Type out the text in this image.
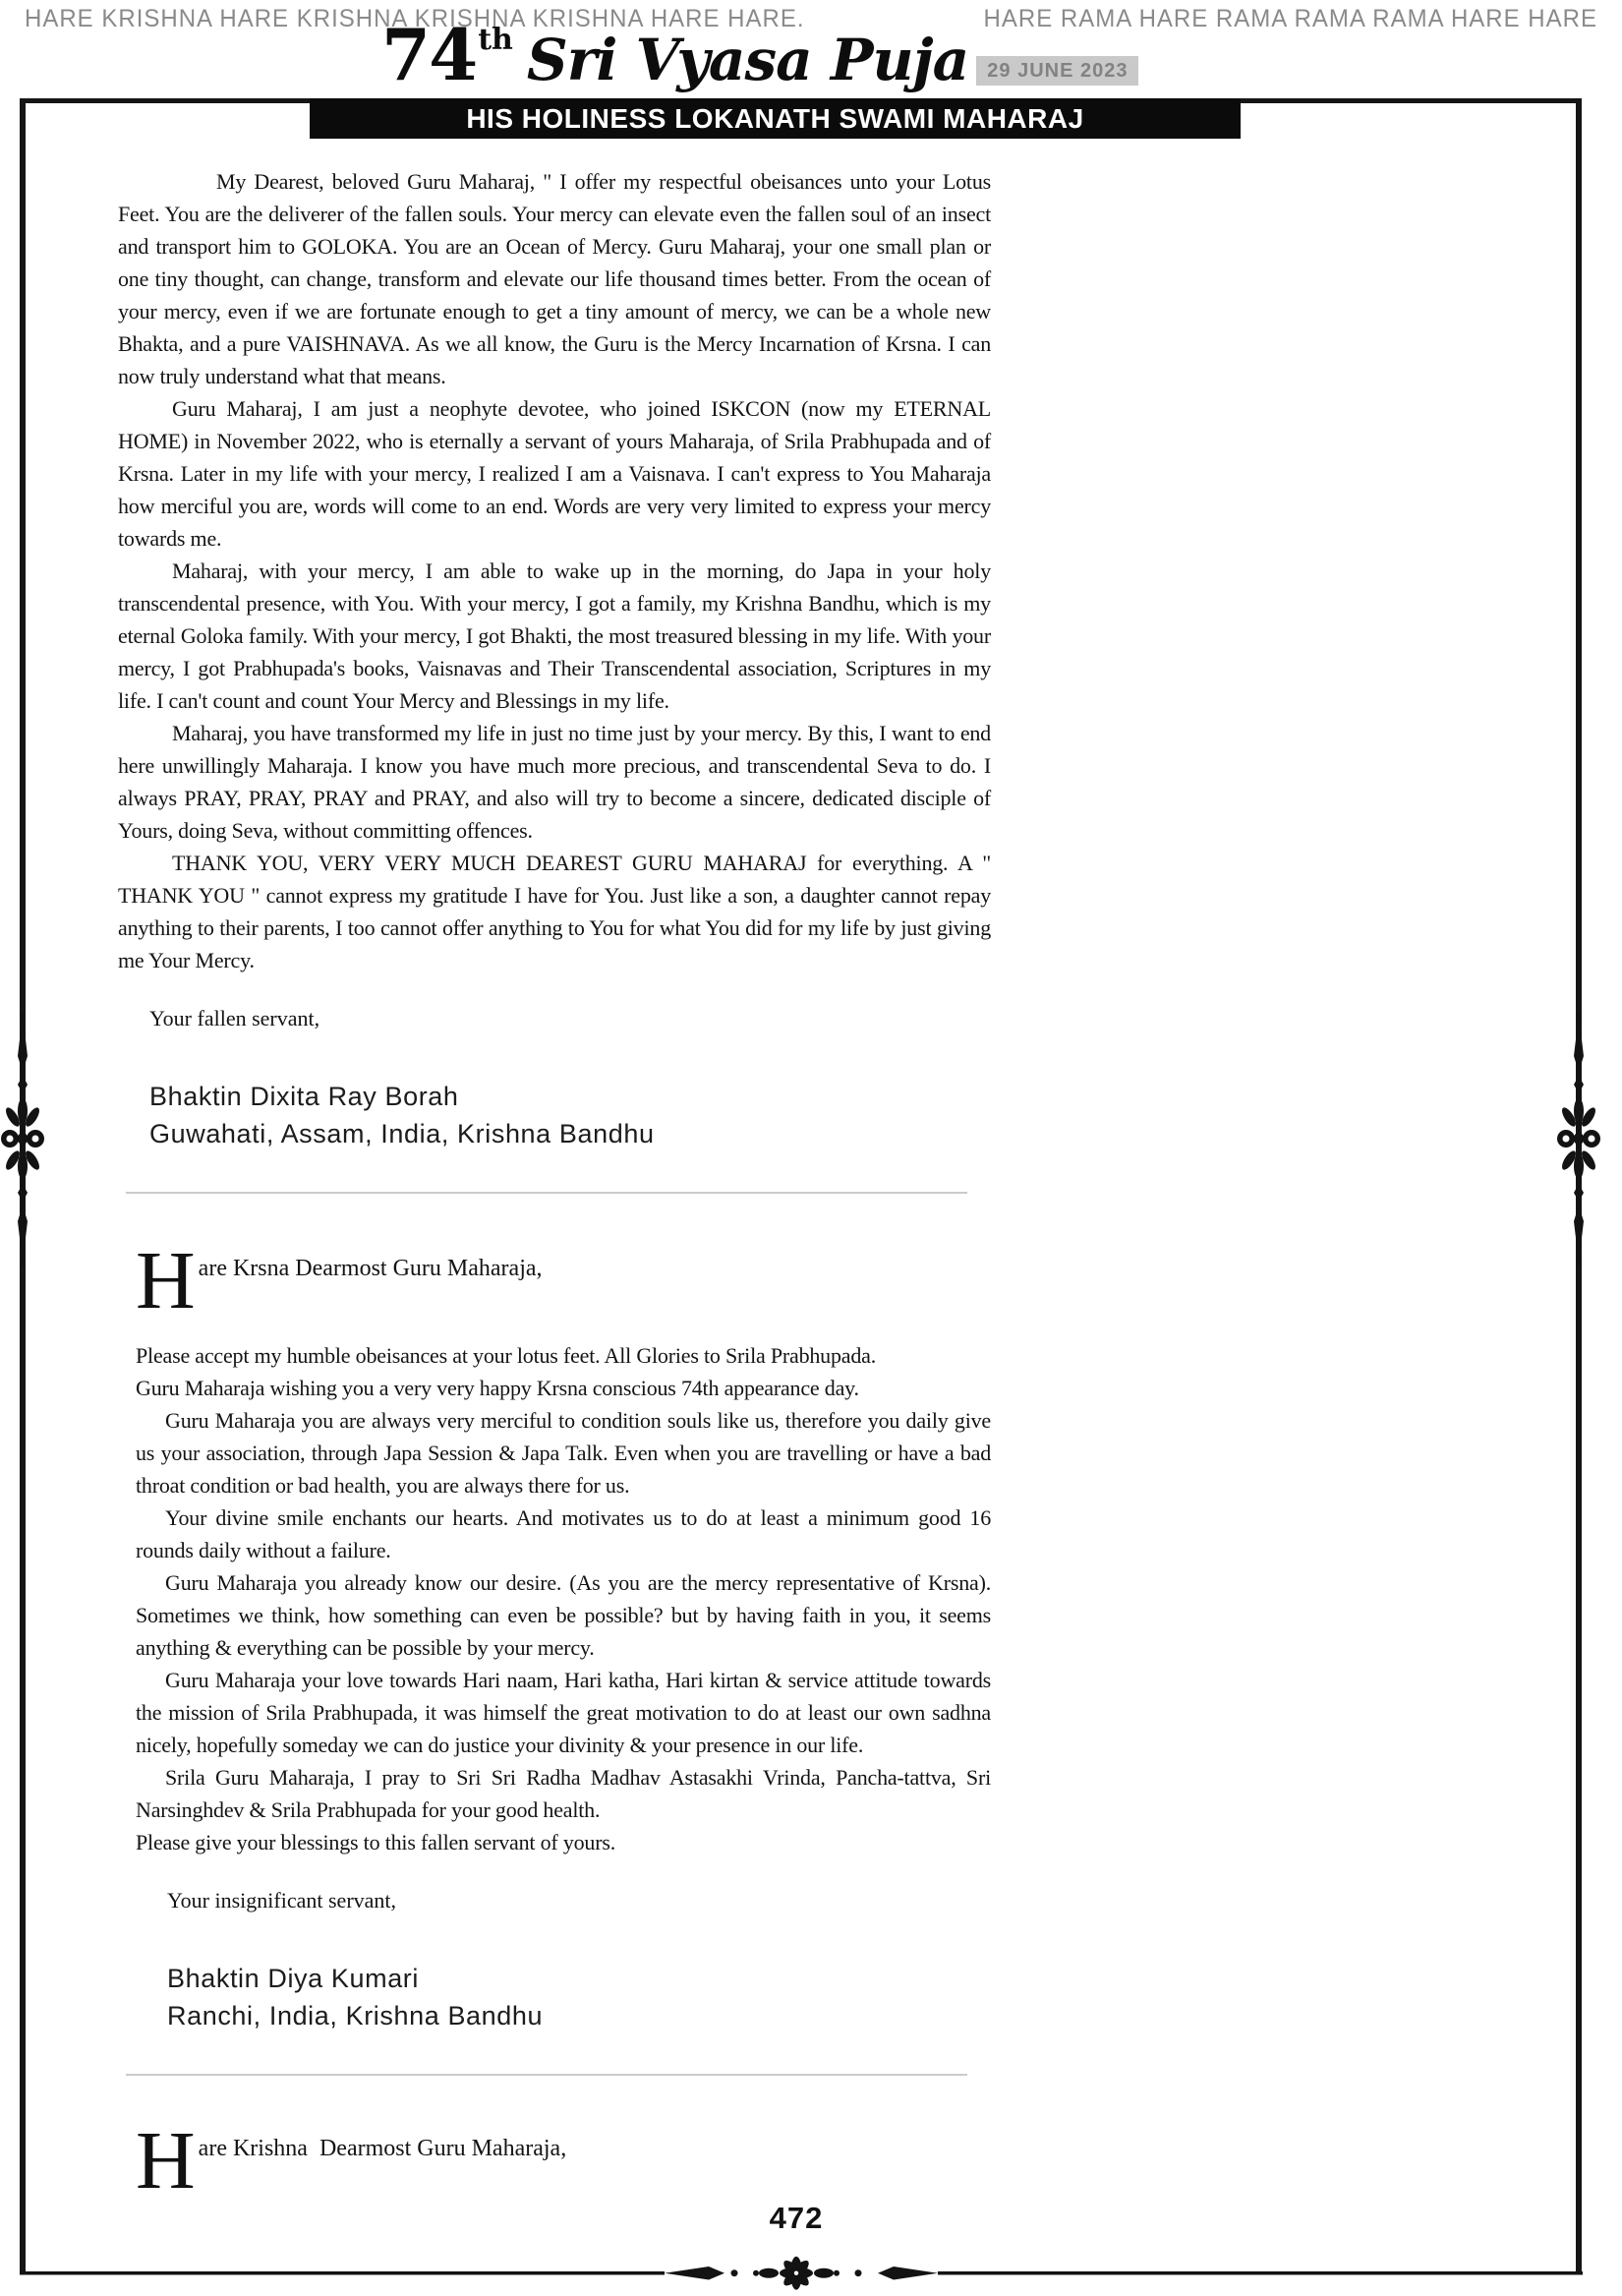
HARE KRISHNA HARE KRISHNA KRISHNA KRISHNA HARE HARE.	HARE RAMA HARE RAMA RAMA RAMA HARE HARE
74 th Sri Vyasa Puja 29 JUNE 2023
HIS HOLINESS LOKANATH SWAMI MAHARAJ

My Dearest, beloved Guru Maharaj, " I offer my respectful obeisances unto your Lotus Feet. You are the deliverer of the fallen souls. Your mercy can elevate even the fallen soul of an insect and transport him to GOLOKA. You are an Ocean of Mercy. Guru Maharaj, your one small plan or one tiny thought, can change, transform and elevate our life thousand times better. From the ocean of your mercy, even if we are fortunate enough to get a tiny amount of mercy, we can be a whole new Bhakta, and a pure VAISHNAVA. As we all know, the Guru is the Mercy Incarnation of Krsna. I can now truly understand what that means.

Guru Maharaj, I am just a neophyte devotee, who joined ISKCON (now my ETERNAL HOME) in November 2022, who is eternally a servant of yours Maharaja, of Srila Prabhupada and of Krsna. Later in my life with your mercy, I realized I am a Vaisnava. I can't express to You Maharaja how merciful you are, words will come to an end. Words are very very limited to express your mercy towards me.

Maharaj, with your mercy, I am able to wake up in the morning, do Japa in your holy transcendental presence, with You. With your mercy, I got a family, my Krishna Bandhu, which is my eternal Goloka family. With your mercy, I got Bhakti, the most treasured blessing in my life. With your mercy, I got Prabhupada's books, Vaisnavas and Their Transcendental association, Scriptures in my life. I can't count and count Your Mercy and Blessings in my life.

Maharaj, you have transformed my life in just no time just by your mercy. By this, I want to end here unwillingly Maharaja. I know you have much more precious, and transcendental Seva to do. I always PRAY, PRAY, PRAY and PRAY, and also will try to become a sincere, dedicated disciple of Yours, doing Seva, without committing offences.

THANK YOU, VERY VERY MUCH DEAREST GURU MAHARAJ for everything. A " THANK YOU " cannot express my gratitude I have for You. Just like a son, a daughter cannot repay anything to their parents, I too cannot offer anything to You for what You did for my life by just giving me Your Mercy.

Your fallen servant,

Bhaktin Dixita Ray Borah
Guwahati, Assam, India, Krishna Bandhu
H are Krsna Dearmost Guru Maharaja,

Please accept my humble obeisances at your lotus feet. All Glories to Srila Prabhupada.

Guru Maharaja wishing you a very very happy Krsna conscious 74th appearance day.

Guru Maharaja you are always very merciful to condition souls like us, therefore you daily give us your association, through Japa Session & Japa Talk. Even when you are travelling or have a bad throat condition or bad health, you are always there for us.

Your divine smile enchants our hearts. And motivates us to do at least a minimum good 16 rounds daily without a failure.

Guru Maharaja you already know our desire. (As you are the mercy representative of Krsna). Sometimes we think, how something can even be possible? but by having faith in you, it seems anything & everything can be possible by your mercy.

Guru Maharaja your love towards Hari naam, Hari katha, Hari kirtan & service attitude towards the mission of Srila Prabhupada, it was himself the great motivation to do at least our own sadhna nicely, hopefully someday we can do justice your divinity & your presence in our life.

Srila Guru Maharaja, I pray to Sri Sri Radha Madhav Astasakhi Vrinda, Pancha-tattva, Sri Narsinghdev & Srila Prabhupada for your good health.

Please give your blessings to this fallen servant of yours.

Your insignificant servant,

Bhaktin Diya Kumari
Ranchi, India, Krishna Bandhu
H are Krishna  Dearmost Guru Maharaja,
472
